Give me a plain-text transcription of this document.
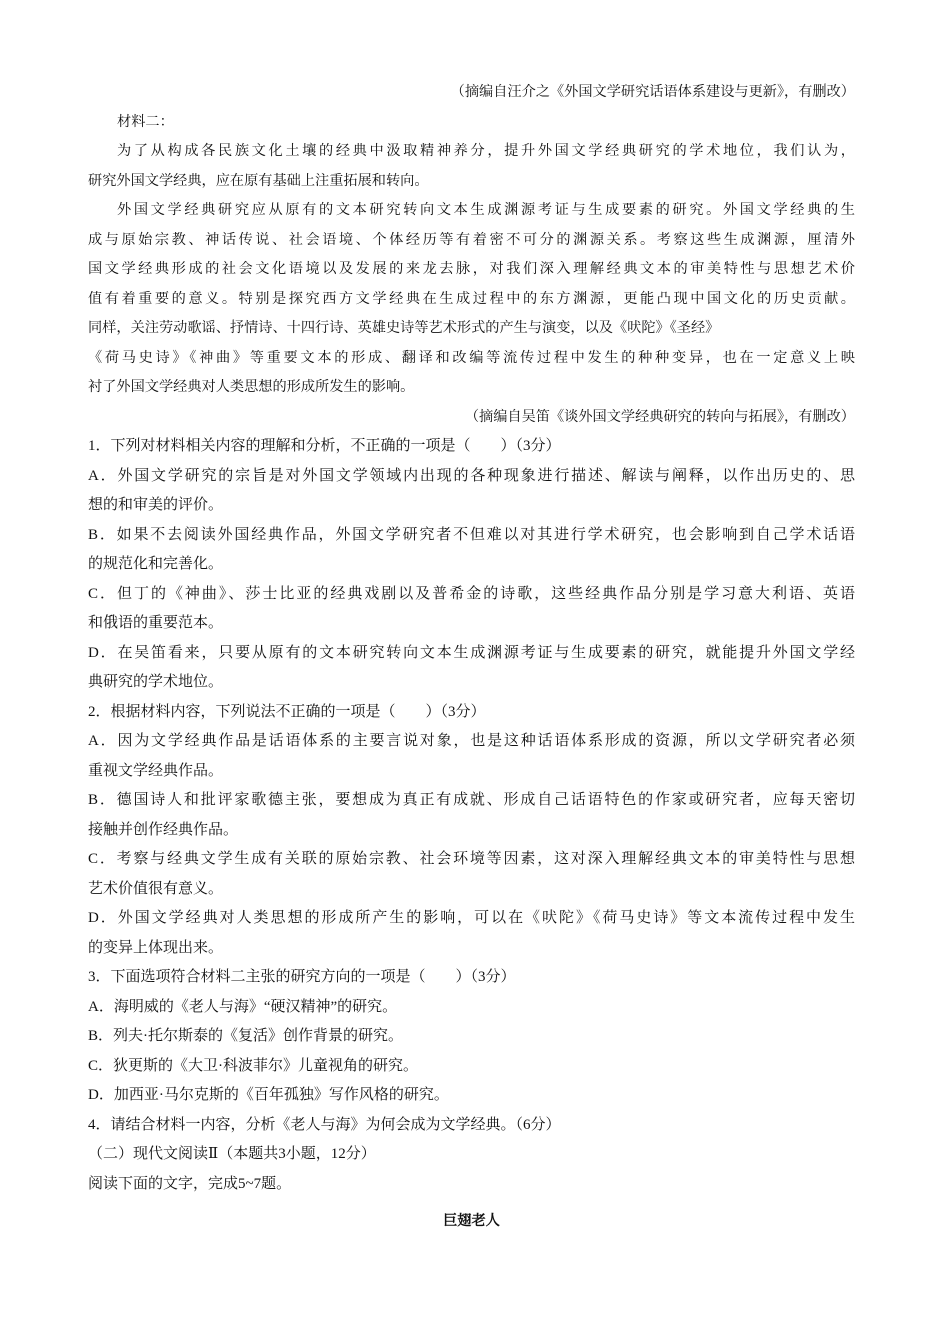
（摘编自汪介之《外国文学研究话语体系建设与更新》，有删改）
材料二：
为了从构成各民族文化土壤的经典中汲取精神养分，提升外国文学经典研究的学术地位，我们认为，
研究外国文学经典，应在原有基础上注重拓展和转向。
外国文学经典研究应从原有的文本研究转向文本生成渊源考证与生成要素的研究。外国文学经典的生
成与原始宗教、神话传说、社会语境、个体经历等有着密不可分的渊源关系。考察这些生成渊源，厘清外
国文学经典形成的社会文化语境以及发展的来龙去脉，对我们深入理解经典文本的审美特性与思想艺术价
值有着重要的意义。特别是探究西方文学经典在生成过程中的东方渊源，更能凸现中国文化的历史贡献。
同样，关注劳动歌谣、抒情诗、十四行诗、英雄史诗等艺术形式的产生与演变，以及《吠陀》《圣经》
《荷马史诗》《神曲》等重要文本的形成、翻译和改编等流传过程中发生的种种变异，也在一定意义上映
衬了外国文学经典对人类思想的形成所发生的影响。
（摘编自吴笛《谈外国文学经典研究的转向与拓展》，有删改）
1．下列对材料相关内容的理解和分析，不正确的一项是（　　）（3分）
A．外国文学研究的宗旨是对外国文学领域内出现的各种现象进行描述、解读与阐释，以作出历史的、思
想的和审美的评价。
B．如果不去阅读外国经典作品，外国文学研究者不但难以对其进行学术研究，也会影响到自己学术话语
的规范化和完善化。
C．但丁的《神曲》、莎士比亚的经典戏剧以及普希金的诗歌，这些经典作品分别是学习意大利语、英语
和俄语的重要范本。
D．在吴笛看来，只要从原有的文本研究转向文本生成渊源考证与生成要素的研究，就能提升外国文学经
典研究的学术地位。
2．根据材料内容，下列说法不正确的一项是（　　）（3分）
A．因为文学经典作品是话语体系的主要言说对象，也是这种话语体系形成的资源，所以文学研究者必须
重视文学经典作品。
B．德国诗人和批评家歌德主张，要想成为真正有成就、形成自己话语特色的作家或研究者，应每天密切
接触并创作经典作品。
C．考察与经典文学生成有关联的原始宗教、社会环境等因素，这对深入理解经典文本的审美特性与思想
艺术价值很有意义。
D．外国文学经典对人类思想的形成所产生的影响，可以在《吠陀》《荷马史诗》等文本流传过程中发生
的变异上体现出来。
3．下面选项符合材料二主张的研究方向的一项是（　　）（3分）
A．海明威的《老人与海》“硬汉精神”的研究。
B．列夫·托尔斯泰的《复活》创作背景的研究。
C．狄更斯的《大卫·科波菲尔》儿童视角的研究。
D．加西亚·马尔克斯的《百年孤独》写作风格的研究。
4．请结合材料一内容，分析《老人与海》为何会成为文学经典。（6分）
（二）现代文阅读Ⅱ（本题共3小题，12分）
阅读下面的文字，完成5~7题。
巨翅老人
